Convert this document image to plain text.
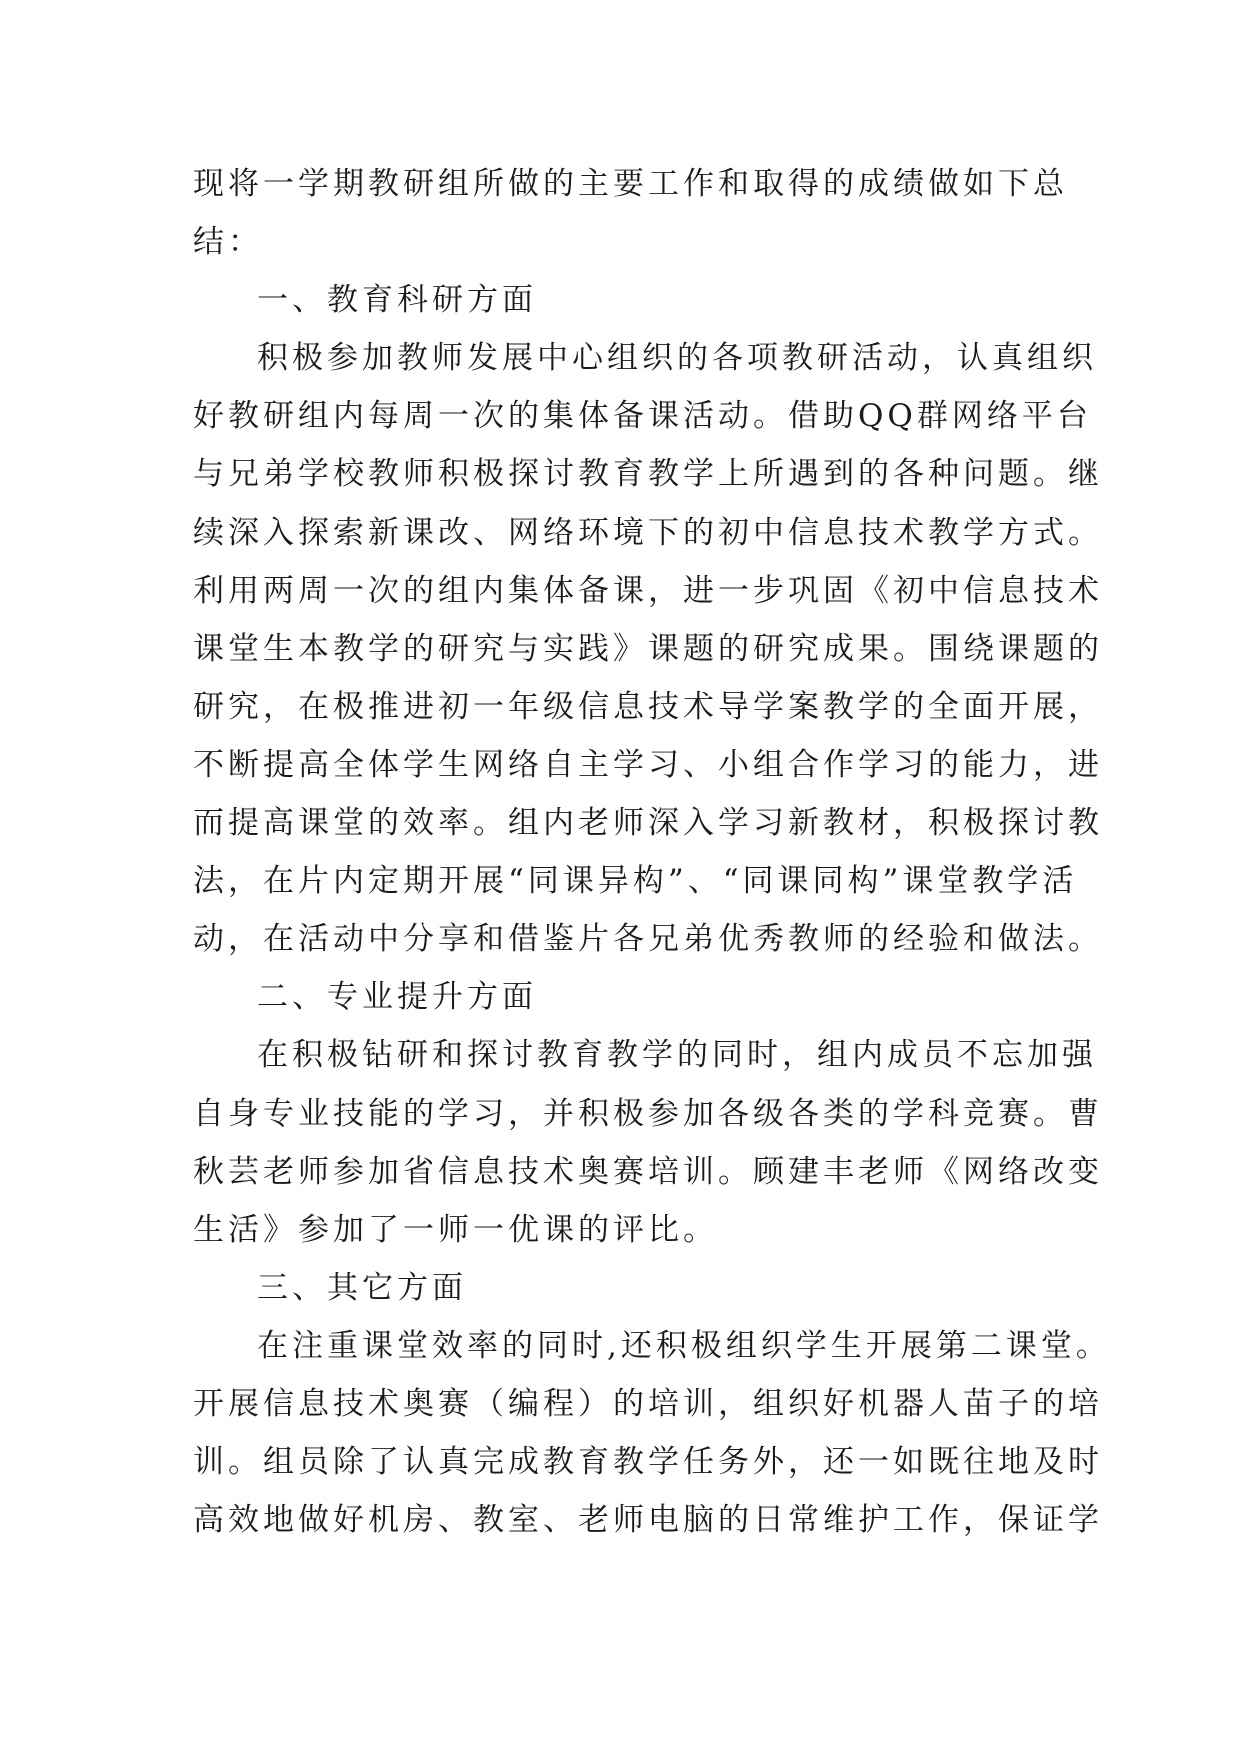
现将一学期教研组所做的主要工作和取得的成绩做如下总
结：
一、教育科研方面
积极参加教师发展中心组织的各项教研活动，认真组织
好教研组内每周一次的集体备课活动。借助QQ群网络平台
与兄弟学校教师积极探讨教育教学上所遇到的各种问题。继
续深入探索新课改、网络环境下的初中信息技术教学方式。
利用两周一次的组内集体备课，进一步巩固《初中信息技术
课堂生本教学的研究与实践》课题的研究成果。围绕课题的
研究，在极推进初一年级信息技术导学案教学的全面开展，
不断提高全体学生网络自主学习、小组合作学习的能力，进
而提高课堂的效率。组内老师深入学习新教材，积极探讨教
法，在片内定期开展“同课异构”、“同课同构”课堂教学活
动，在活动中分享和借鉴片各兄弟优秀教师的经验和做法。
二、专业提升方面
在积极钻研和探讨教育教学的同时，组内成员不忘加强
自身专业技能的学习，并积极参加各级各类的学科竞赛。曹
秋芸老师参加省信息技术奥赛培训。顾建丰老师《网络改变
生活》参加了一师一优课的评比。
三、其它方面
在注重课堂效率的同时,还积极组织学生开展第二课堂。
开展信息技术奥赛（编程）的培训，组织好机器人苗子的培
训。组员除了认真完成教育教学任务外，还一如既往地及时
高效地做好机房、教室、老师电脑的日常维护工作，保证学
